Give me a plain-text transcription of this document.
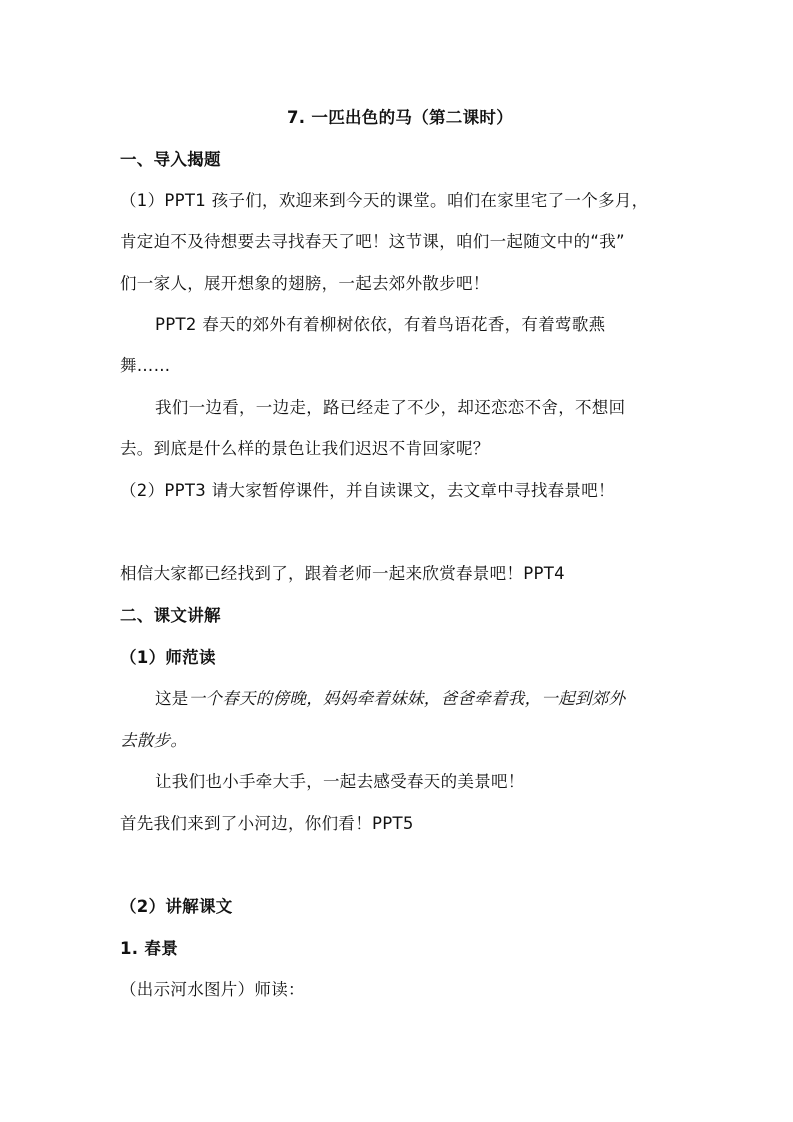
7. 一匹出色的马（第二课时）
一、导入揭题
（1）PPT1 孩子们，欢迎来到今天的课堂。咱们在家里宅了一个多月，
肯定迫不及待想要去寻找春天了吧！这节课，咱们一起随文中的“我”
们一家人，展开想象的翅膀，一起去郊外散步吧！
PPT2 春天的郊外有着柳树依依，有着鸟语花香，有着莺歌燕
舞……
我们一边看，一边走，路已经走了不少，却还恋恋不舍，不想回
去。到底是什么样的景色让我们迟迟不肯回家呢？
（2）PPT3 请大家暂停课件，并自读课文，去文章中寻找春景吧！
相信大家都已经找到了，跟着老师一起来欣赏春景吧！PPT4
二、课文讲解
（1）师范读
这是一个春天的傍晚，妈妈牵着妹妹，爸爸牵着我，一起到郊外
去散步。
让我们也小手牵大手，一起去感受春天的美景吧！
首先我们来到了小河边，你们看！PPT5
（2）讲解课文
1. 春景
（出示河水图片）师读：
